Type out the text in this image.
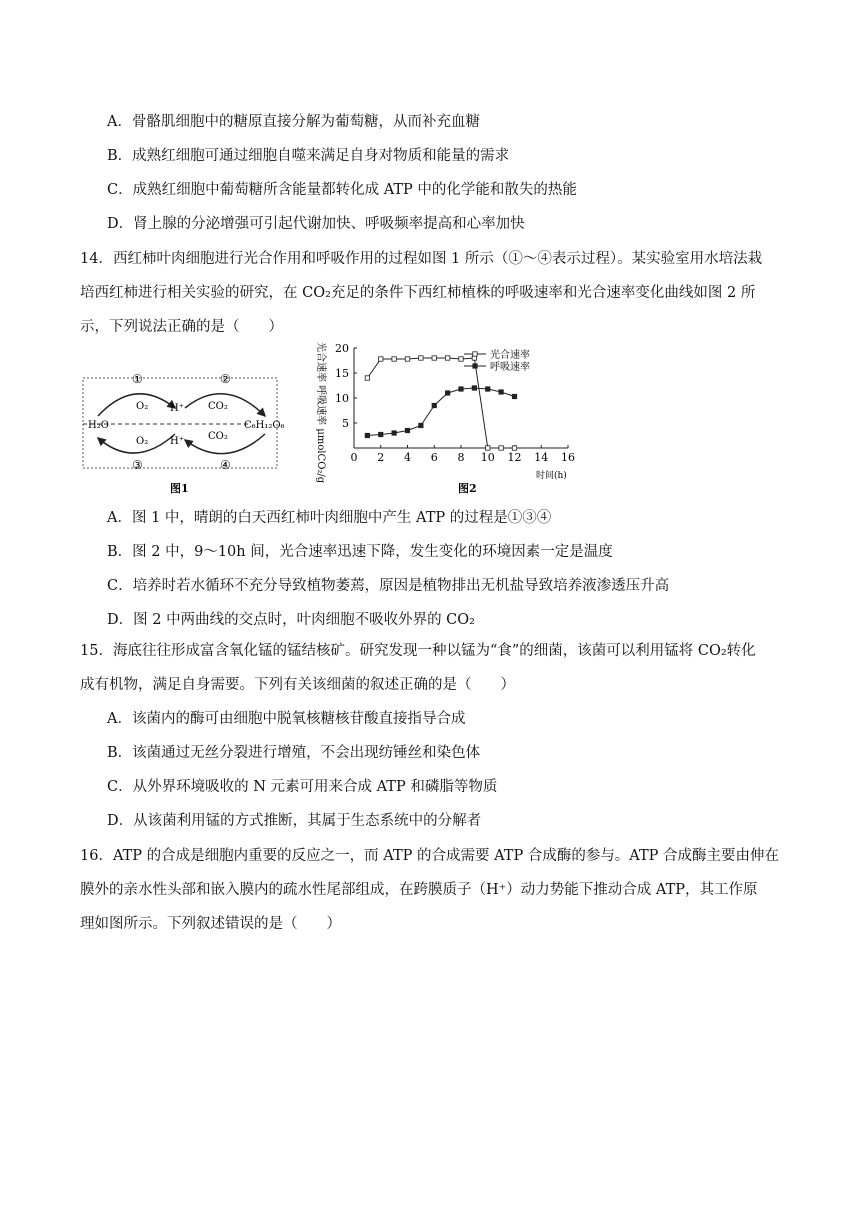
A．骨骼肌细胞中的糖原直接分解为葡萄糖，从而补充血糖
B．成熟红细胞可通过细胞自噬来满足自身对物质和能量的需求
C．成熟红细胞中葡萄糖所含能量都转化成 ATP 中的化学能和散失的热能
D．肾上腺的分泌增强可引起代谢加快、呼吸频率提高和心率加快
14．西红柿叶肉细胞进行光合作用和呼吸作用的过程如图 1 所示（①～④表示过程）。某实验室用水培法栽
培西红柿进行相关实验的研究，在 CO₂充足的条件下西红柿植株的呼吸速率和光合速率变化曲线如图 2 所
示，下列说法正确的是（　　）
①	②
③	④
O₂ H⁺ CO₂
H₂O	C₆H₁₂O₆
O₂ H⁺ CO₂
图1
0 2 4 6 8 10 12 14 16
5
10
15
20
光合速率
呼吸速率
光合速率 呼吸速率 μmolCO₂/g	时间(h)
图2
A．图 1 中，晴朗的白天西红柿叶肉细胞中产生 ATP 的过程是①③④
B．图 2 中，9～10h 间，光合速率迅速下降，发生变化的环境因素一定是温度
C．培养时若水循环不充分导致植物萎蔫，原因是植物排出无机盐导致培养液渗透压升高
D．图 2 中两曲线的交点时，叶肉细胞不吸收外界的 CO₂
15．海底往往形成富含氧化锰的锰结核矿。研究发现一种以锰为“食”的细菌，该菌可以利用锰将 CO₂转化
成有机物，满足自身需要。下列有关该细菌的叙述正确的是（　　）
A．该菌内的酶可由细胞中脱氧核糖核苷酸直接指导合成
B．该菌通过无丝分裂进行增殖，不会出现纺锤丝和染色体
C．从外界环境吸收的 N 元素可用来合成 ATP 和磷脂等物质
D．从该菌利用锰的方式推断，其属于生态系统中的分解者
16．ATP 的合成是细胞内重要的反应之一，而 ATP 的合成需要 ATP 合成酶的参与。ATP 合成酶主要由伸在
膜外的亲水性头部和嵌入膜内的疏水性尾部组成，在跨膜质子（H⁺）动力势能下推动合成 ATP，其工作原
理如图所示。下列叙述错误的是（　　）
